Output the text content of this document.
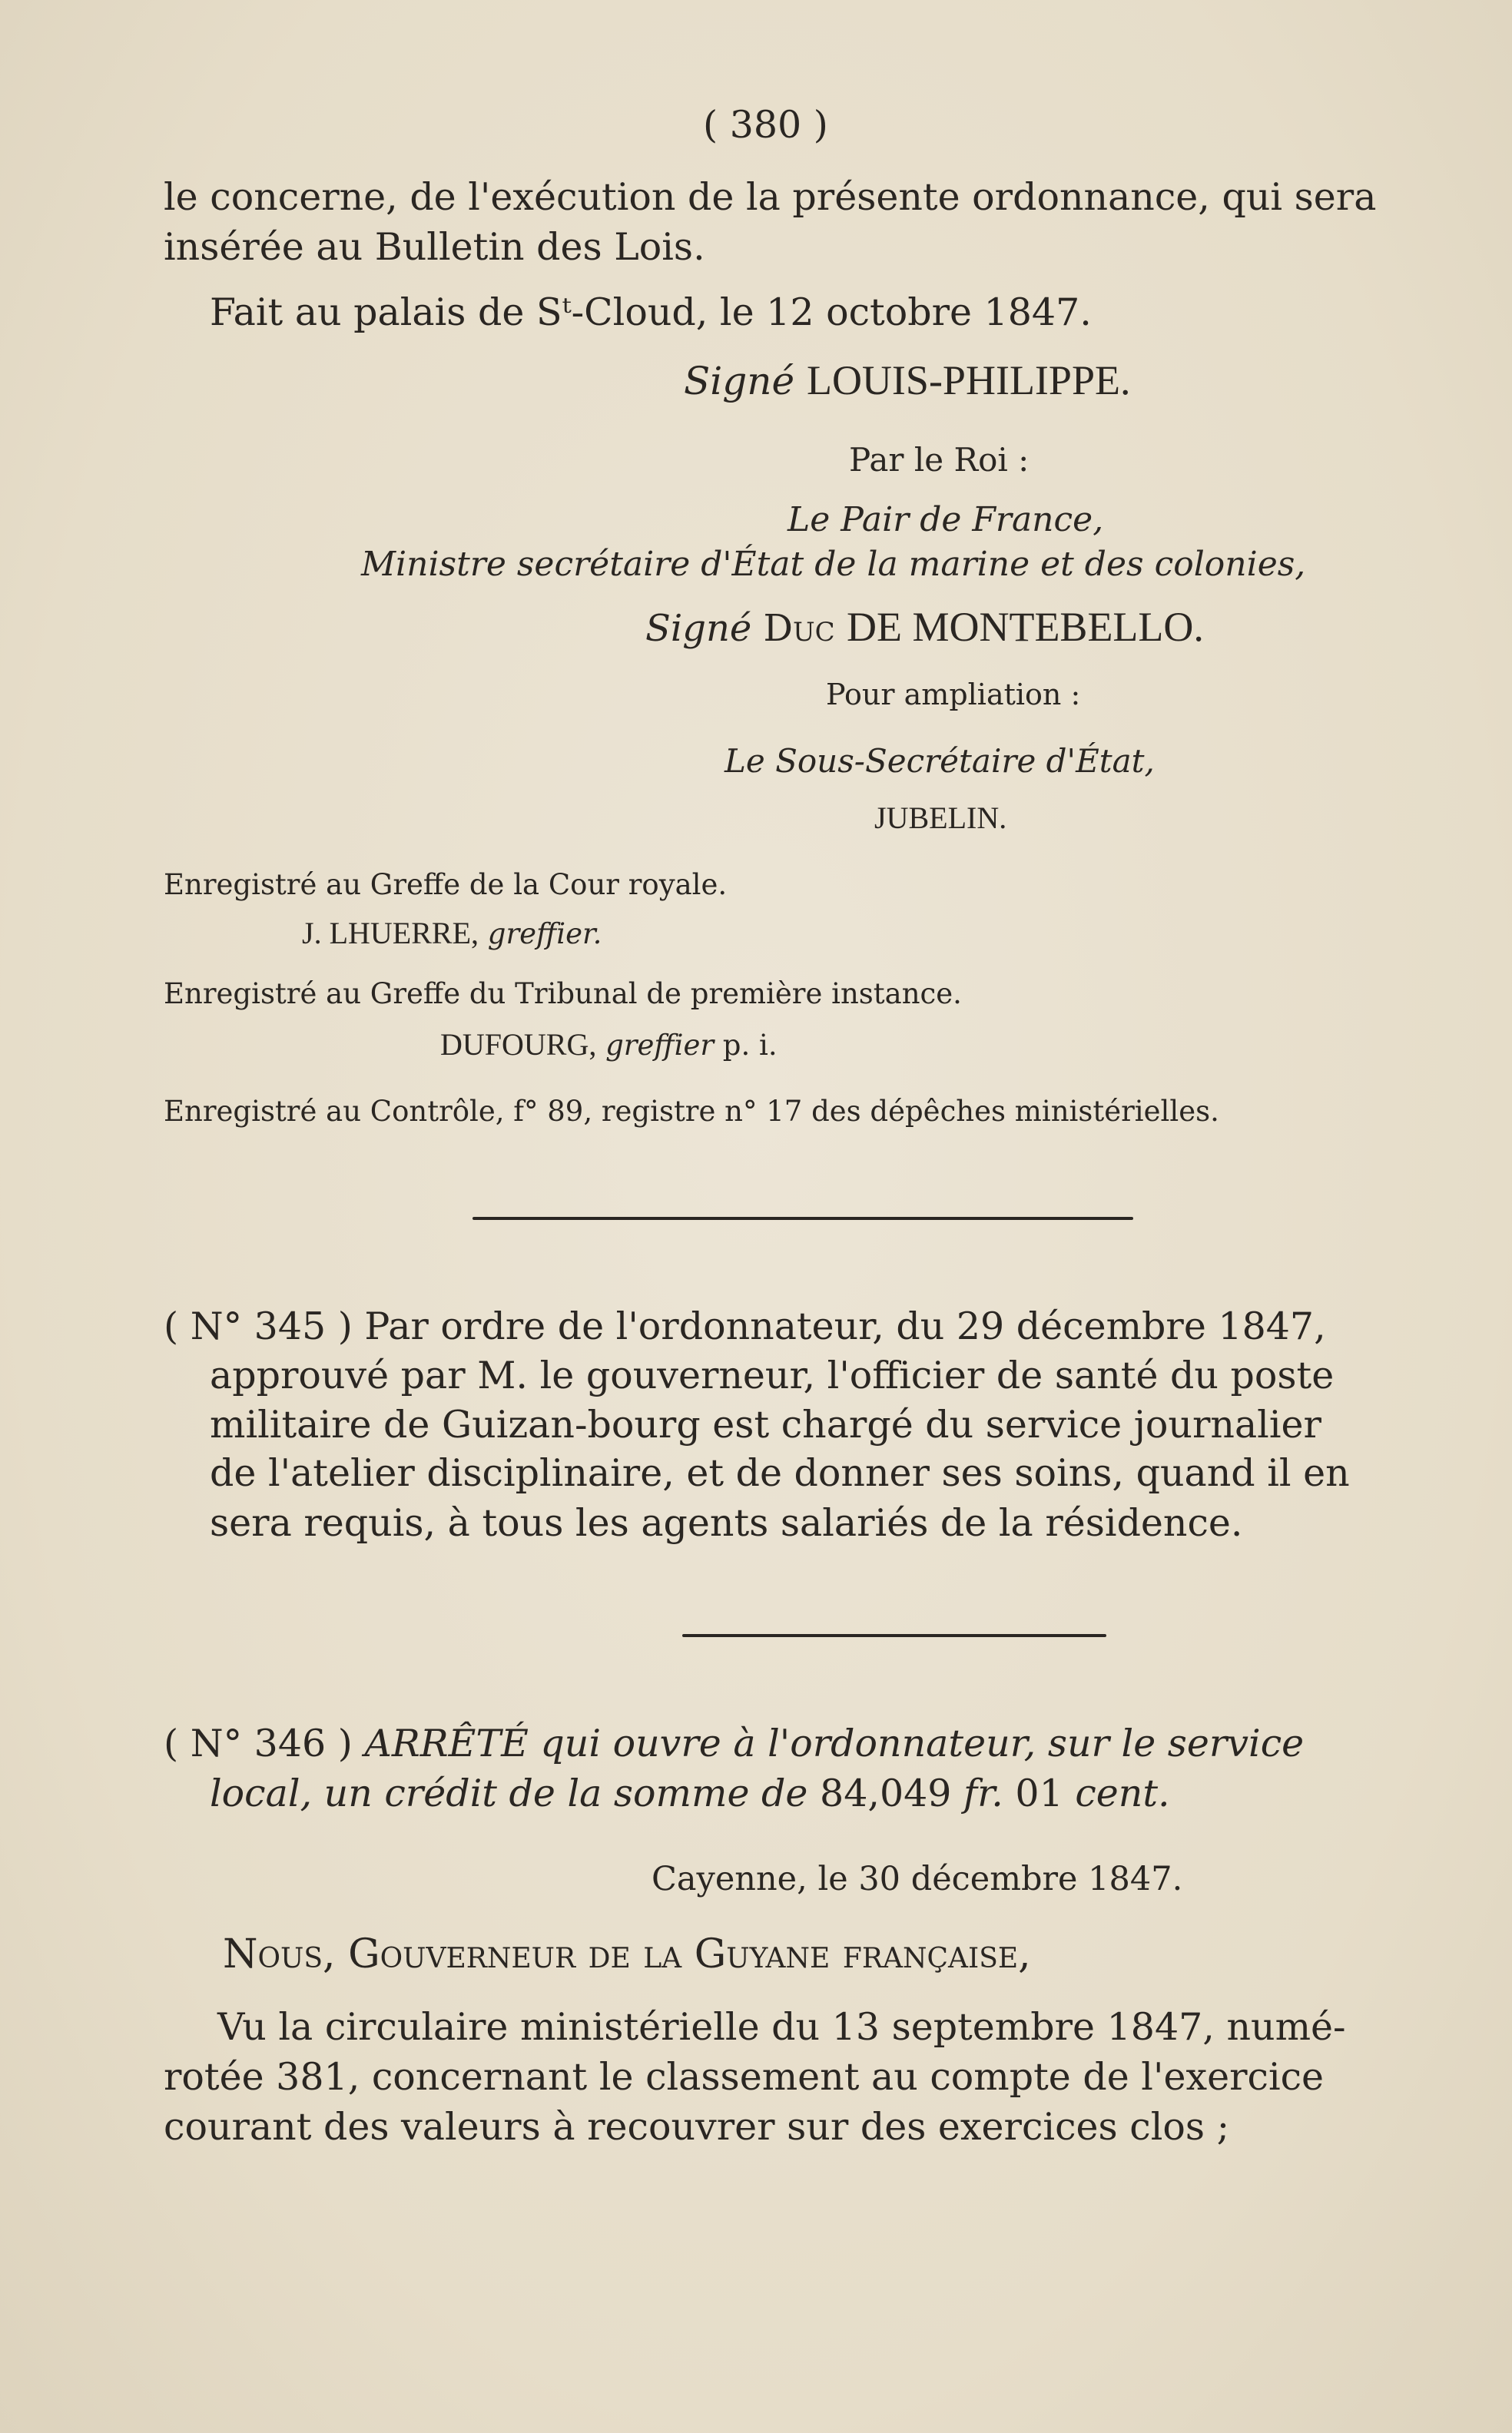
( 380 )
le concerne, de l'exécution de la présente ordonnance, qui sera
insérée au Bulletin des Lois.
Fait au palais de Sᵗ-Cloud, le 12 octobre 1847.
Signé LOUIS-PHILIPPE.
Par le Roi :
Le Pair de France,
Ministre secrétaire d'État de la marine et des colonies,
Signé Duc DE MONTEBELLO.
Pour ampliation :
Le Sous-Secrétaire d'État,
JUBELIN.
Enregistré au Greffe de la Cour royale.
J. LHUERRE, greffier.
Enregistré au Greffe du Tribunal de première instance.
DUFOURG, greffier p. i.
Enregistré au Contrôle, f° 89, registre n° 17 des dépêches ministérielles.
( N° 345 ) Par ordre de l'ordonnateur, du 29 décembre 1847,
approuvé par M. le gouverneur, l'officier de santé du poste
militaire de Guizan-bourg est chargé du service journalier
de l'atelier disciplinaire, et de donner ses soins, quand il en
sera requis, à tous les agents salariés de la résidence.
( N° 346 ) ARRÊTÉ qui ouvre à l'ordonnateur, sur le service
local, un crédit de la somme de 84,049 fr. 01 cent.
Cayenne, le 30 décembre 1847.
Nous, Gouverneur de la Guyane française,
Vu la circulaire ministérielle du 13 septembre 1847, numé-
rotée 381, concernant le classement au compte de l'exercice
courant des valeurs à recouvrer sur des exercices clos ;
